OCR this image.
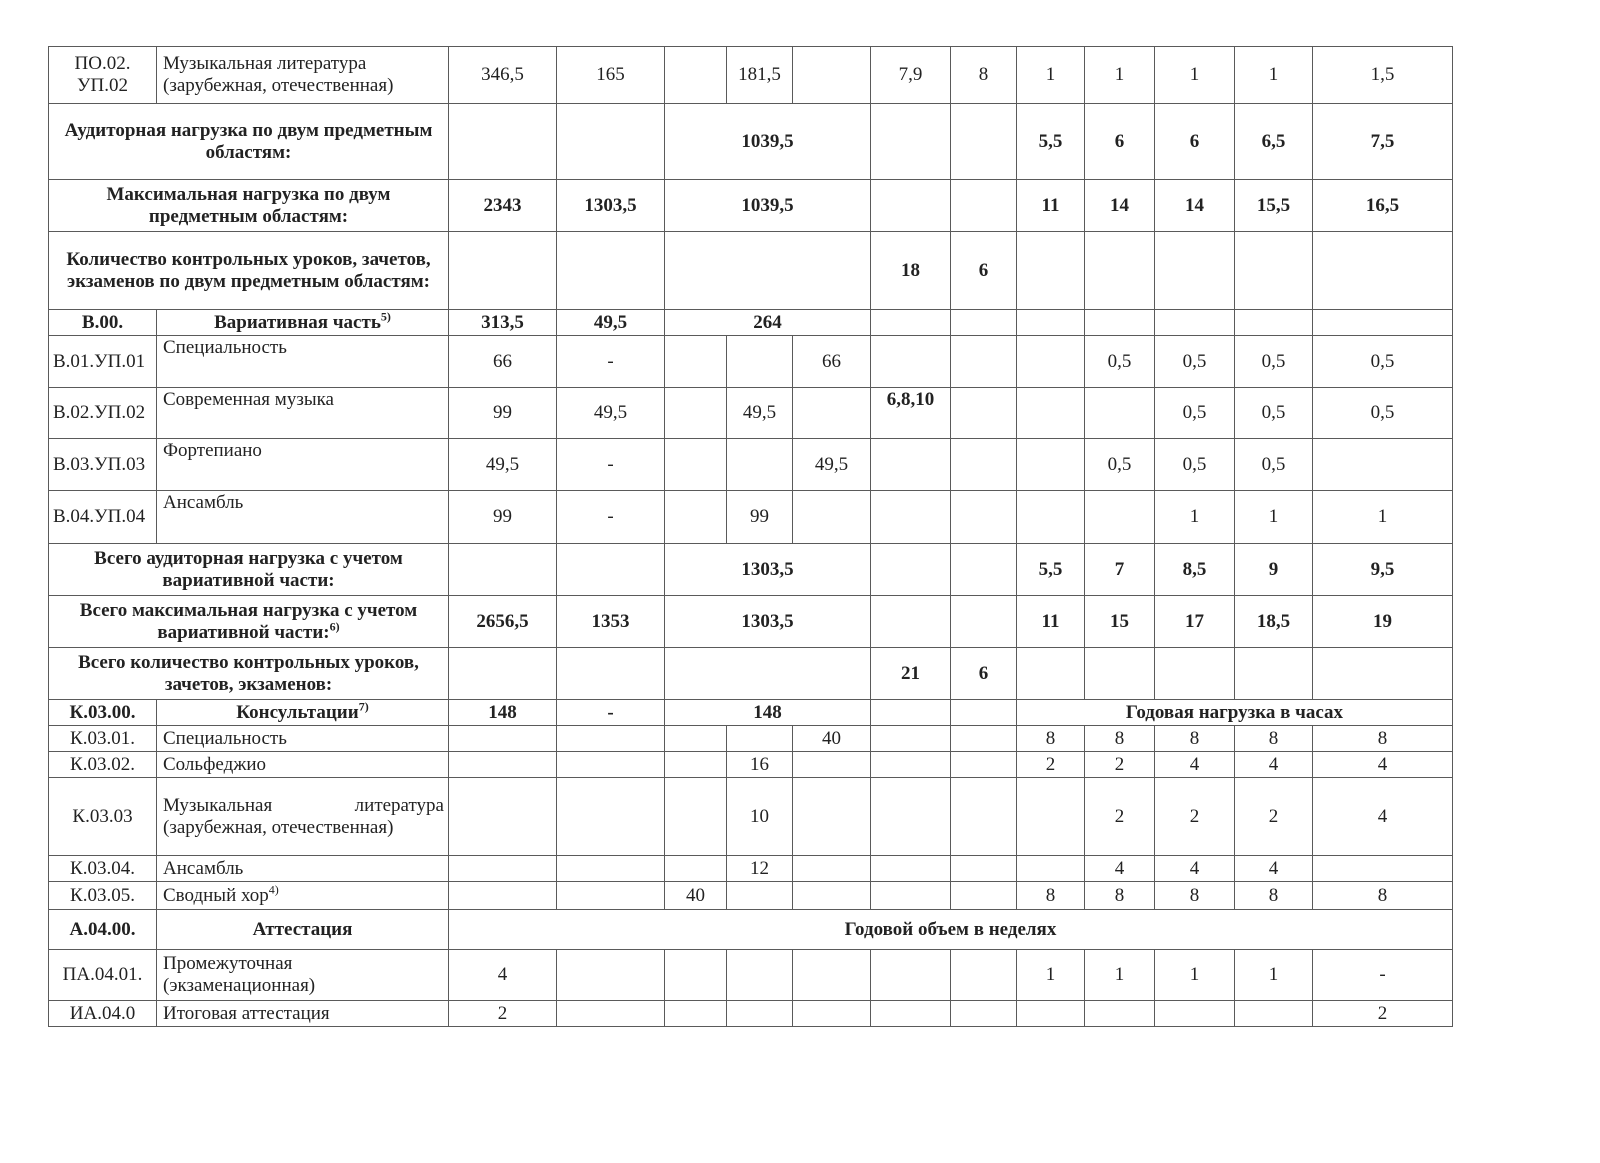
ПО.02. УП.02	Музыкальная литература (зарубежная, отечественная)	346,5	165		181,5		7,9	8	1	1	1	1	1,5
Аудиторная нагрузка по двум предметным областям:				1039,5					5,5	6	6	6,5	7,5
Максимальная нагрузка по двум предметным областям:		2343	1303,5	1039,5					11	14	14	15,5	16,5
Количество контрольных уроков, зачетов, экзаменов по двум предметным областям:							18	6					
В.00.	Вариативная часть$^{5)}$	313,5	49,5	264									
В.01.УП.01	Специальность	66	-			66				0,5	0,5	0,5	0,5
В.02.УП.02	Современная музыка	99	49,5		49,5		6,8,10				0,5	0,5	0,5
В.03.УП.03	Фортепиано	49,5	-			49,5				0,5	0,5	0,5	
В.04.УП.04	Ансамбль	99	-		99						1	1	1
Всего аудиторная нагрузка с учетом вариативной части:				1303,5					5,5	7	8,5	9	9,5
Всего максимальная нагрузка с учетом вариативной части:$^{6)}$		2656,5	1353	1303,5					11	15	17	18,5	19
Всего количество контрольных уроков, зачетов, экзаменов:							21	6					
К.03.00.	Консультации$^{7)}$	148	-	148					Годовая нагрузка в часах				
К.03.01.	Специальность					40			8	8	8	8	8
К.03.02.	Сольфеджио				16				2	2	4	4	4
К.03.03	Музыкальная литература (зарубежная, отечественная)				10					2	2	2	4
К.03.04.	Ансамбль				12					4	4	4	
К.03.05.	Сводный хор$^{4)}$			40					8	8	8	8	8
А.04.00.	Аттестация	Годовой объем в неделях											
ПА.04.01.	Промежуточная (экзаменационная)	4							1	1	1	1	-
ИА.04.0	Итоговая аттестация	2											2
